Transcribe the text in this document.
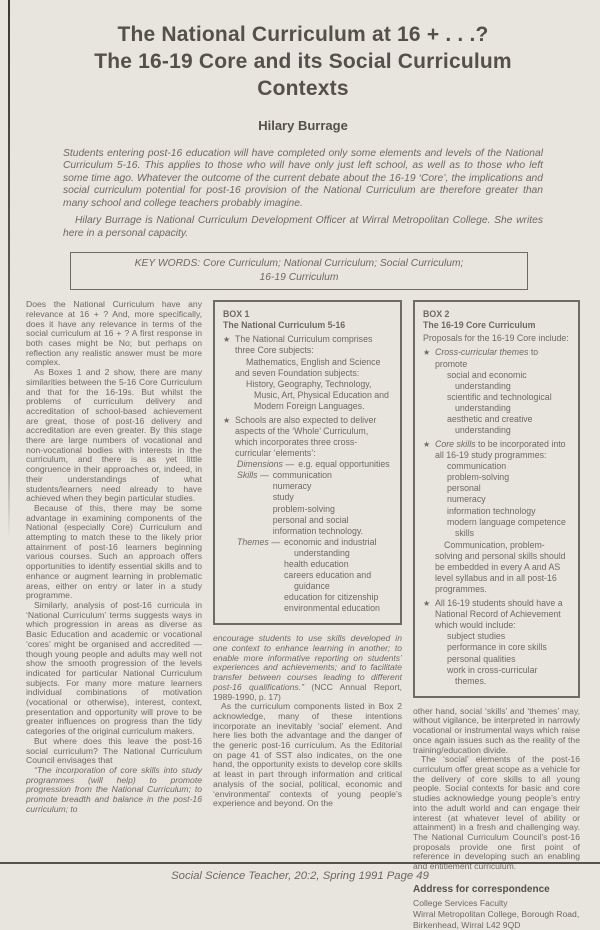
The National Curriculum at 16 + . . .?
The 16-19 Core and its Social Curriculum
Contexts
Hilary Burrage

Students entering post-16 education will have completed only some elements and levels of the National Curriculum 5-16. This applies to those who will have only just left school, as well as to those who left some time ago. Whatever the outcome of the current debate about the 16-19 ‘Core’, the implications and social curriculum potential for post-16 provision of the National Curriculum are therefore greater than many school and college teachers probably imagine.

Hilary Burrage is National Curriculum Development Officer at Wirral Metropolitan College. She writes here in a personal capacity.

KEY WORDS: Core Curriculum; National Curriculum; Social Curriculum;
16-19 Curriculum

Does the National Curriculum have any relevance at 16 + ? And, more specifically, does it have any relevance in terms of the social curriculum at 16 + ? A first response in both cases might be No; but perhaps on reflection any realistic answer must be more complex.

As Boxes 1 and 2 show, there are many similarities between the 5-16 Core Curriculum and that for the 16-19s. But whilst the problems of curriculum delivery and accreditation of school-based achievement are great, those of post-16 delivery and accreditation are even greater. By this stage there are large numbers of vocational and non-vocational bodies with interests in the curriculum, and there is as yet little congruence in their approaches or, indeed, in their understandings of what students/learners need already to have achieved when they begin particular studies.

Because of this, there may be some advantage in examining components of the National (especially Core) Curriculum and attempting to match these to the likely prior attainment of post-16 learners beginning various courses. Such an approach offers opportunities to identify essential skills and to enhance or augment learning in problematic areas, either on entry or later in a study programme.

Similarly, analysis of post-16 curricula in ‘National Curriculum’ terms suggests ways in which progression in areas as diverse as Basic Education and academic or vocational ‘cores’ might be organised and accredited — though young people and adults may well not show the smooth progression of the levels indicated for particular National Curriculum subjects. For many more mature learners individual combinations of motivation (vocational or otherwise), interest, context, presentation and opportunity will prove to be greater influences on progress than the tidy categories of the original curriculum makers.

But where does this leave the post-16 social curriculum? The National Curriculum Council envisages that

“The incorporation of core skills into study programmes (will help) to promote progression from the National Curriculum; to promote breadth and balance in the post-16 curriculum; to

BOX 1
The National Curriculum 5-16
★ The National Curriculum comprises three Core subjects:
Mathematics, English and Science
and seven Foundation subjects:
History, Geography, Technology, Music, Art, Physical Education and Modern Foreign Languages.
★ Schools are also expected to deliver aspects of the ‘Whole’ Curriculum, which incorporates three cross-curricular ‘elements’:
Dimensions — e.g. equal opportunities
Skills — communication
numeracy
study
problem-solving
personal and social
information technology.
Themes — economic and industrial understanding
health education
careers education and guidance
education for citizenship
environmental education

encourage students to use skills developed in one context to enhance learning in another; to enable more informative reporting on students’ experiences and achievements; and to facilitate transfer between courses leading to different post-16 qualifications.” (NCC Annual Report, 1989-1990, p. 17)

As the curriculum components listed in Box 2 acknowledge, many of these intentions incorporate an inevitably ‘social’ element. And here lies both the advantage and the danger of the generic post-16 curriculum. As the Editorial on page 41 of SST also indicates, on the one hand, the opportunity exists to develop core skills at least in part through information and critical analysis of the social, political, economic and ‘environmental’ contexts of young people’s experience and beyond. On the

BOX 2
The 16-19 Core Curriculum
Proposals for the 16-19 Core include:
★ Cross-curricular themes to promote
social and economic understanding
scientific and technological understanding
aesthetic and creative understanding
★ Core skills to be incorporated into all 16-19 study programmes:
communication
problem-solving
personal
numeracy
information technology
modern language competence skills
Communication, problem-solving and personal skills should be embedded in every A and AS level syllabus and in all post-16 programmes.
★ All 16-19 students should have a National Record of Achievement which would include:
subject studies
performance in core skills
personal qualities
work in cross-curricular themes.

other hand, social ‘skills’ and ‘themes’ may, without vigilance, be interpreted in narrowly vocational or instrumental ways which raise once again issues such as the reality of the training/education divide.

The ‘social’ elements of the post-16 curriculum offer great scope as a vehicle for the delivery of core skills to all young people. Social contexts for basic and core studies acknowledge young people’s entry into the adult world and can engage their interest (at whatever level of ability or attainment) in a fresh and challenging way. The National Curriculum Council’s post-16 proposals provide one first point of reference in developing such an enabling and entitlement curriculum.

Address for correspondence
College Services Faculty
Wirral Metropolitan College, Borough Road,
Birkenhead, Wirral L42 9QD
Social Science Teacher, 20:2, Spring 1991 Page 49
